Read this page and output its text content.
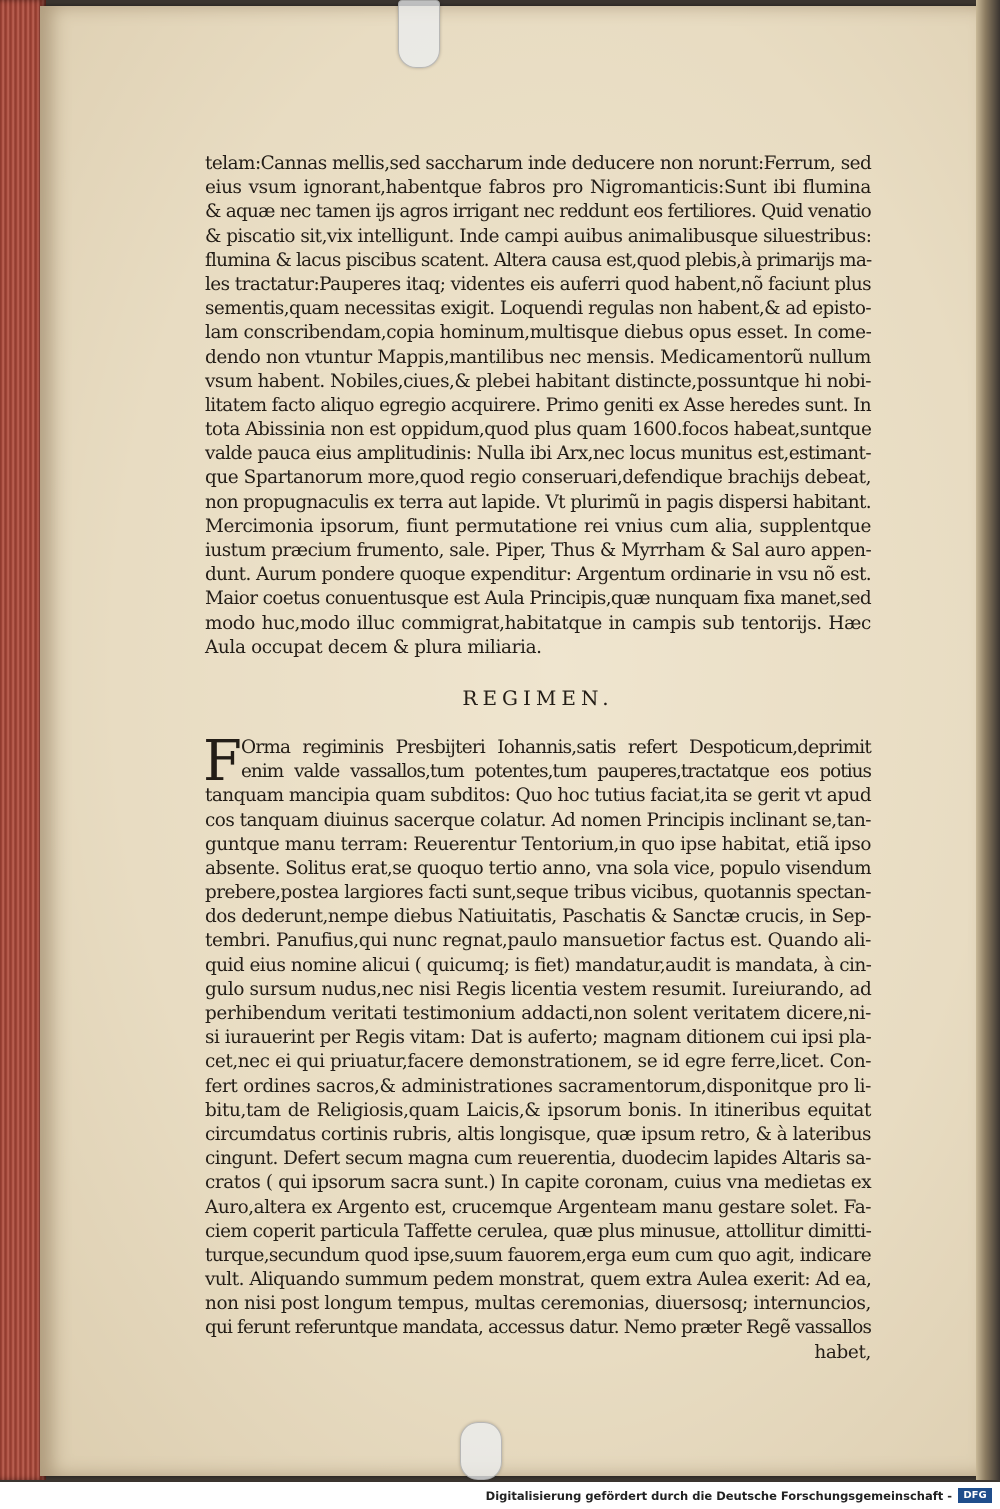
telam:Cannas mellis,sed saccharum inde deducere non norunt:Ferrum, sed
eius vsum ignorant,habentque fabros pro Nigromanticis:Sunt ibi flumina
& aquæ nec tamen ijs agros irrigant nec reddunt eos fertiliores. Quid venatio
& piscatio sit,vix intelligunt. Inde campi auibus animalibusque siluestribus:
flumina & lacus piscibus scatent. Altera causa est,quod plebis,à primarijs ma-
les tractatur:Pauperes itaq; videntes eis auferri quod habent,nõ faciunt plus
sementis,quam necessitas exigit. Loquendi regulas non habent,& ad episto-
lam conscribendam,copia hominum,multisque diebus opus esset. In come-
dendo non vtuntur Mappis,mantilibus nec mensis. Medicamentorũ nullum
vsum habent. Nobiles,ciues,& plebei habitant distincte,possuntque hi nobi-
litatem facto aliquo egregio acquirere. Primo geniti ex Asse heredes sunt. In
tota Abissinia non est oppidum,quod plus quam 1600.focos habeat,suntque
valde pauca eius amplitudinis: Nulla ibi Arx,nec locus munitus est,estimant-
que Spartanorum more,quod regio conseruari,defendique brachijs debeat,
non propugnaculis ex terra aut lapide. Vt plurimũ in pagis dispersi habitant.
Mercimonia ipsorum, fiunt permutatione rei vnius cum alia, supplentque
iustum præcium frumento, sale. Piper, Thus & Myrrham & Sal auro appen-
dunt. Aurum pondere quoque expenditur: Argentum ordinarie in vsu nõ est.
Maior coetus conuentusque est Aula Principis,quæ nunquam fixa manet,sed
modo huc,modo illuc commigrat,habitatque in campis sub tentorijs. Hæc
Aula occupat decem & plura miliaria.
REGIMEN.
F Orma regiminis Presbijteri Iohannis,satis refert Despoticum,deprimit
enim valde vassallos,tum potentes,tum pauperes,tractatque eos potius
tanquam mancipia quam subditos: Quo hoc tutius faciat,ita se gerit vt apud
cos tanquam diuinus sacerque colatur. Ad nomen Principis inclinant se,tan-
guntque manu terram: Reuerentur Tentorium,in quo ipse habitat, etiã ipso
absente. Solitus erat,se quoquo tertio anno, vna sola vice, populo visendum
prebere,postea largiores facti sunt,seque tribus vicibus, quotannis spectan-
dos dederunt,nempe diebus Natiuitatis, Paschatis & Sanctæ crucis, in Sep-
tembri. Panufius,qui nunc regnat,paulo mansuetior factus est. Quando ali-
quid eius nomine alicui ( quicumq; is fiet) mandatur,audit is mandata, à cin-
gulo sursum nudus,nec nisi Regis licentia vestem resumit. Iureiurando, ad
perhibendum veritati testimonium addacti,non solent veritatem dicere,ni-
si iurauerint per Regis vitam: Dat is auferto; magnam ditionem cui ipsi pla-
cet,nec ei qui priuatur,facere demonstrationem, se id egre ferre,licet. Con-
fert ordines sacros,& administrationes sacramentorum,disponitque pro li-
bitu,tam de Religiosis,quam Laicis,& ipsorum bonis. In itineribus equitat
circumdatus cortinis rubris, altis longisque, quæ ipsum retro, & à lateribus
cingunt. Defert secum magna cum reuerentia, duodecim lapides Altaris sa-
cratos ( qui ipsorum sacra sunt.) In capite coronam, cuius vna medietas ex
Auro,altera ex Argento est, crucemque Argenteam manu gestare solet. Fa-
ciem coperit particula Taffette cerulea, quæ plus minusue, attollitur dimitti-
turque,secundum quod ipse,suum fauorem,erga eum cum quo agit, indicare
vult. Aliquando summum pedem monstrat, quem extra Aulea exerit: Ad ea,
non nisi post longum tempus, multas ceremonias, diuersosq; internuncios,
qui ferunt referuntque mandata, accessus datur. Nemo præter Regẽ vassallos
habet,
Digitalisierung gefördert durch die Deutsche Forschungsgemeinschaft -	DFG
